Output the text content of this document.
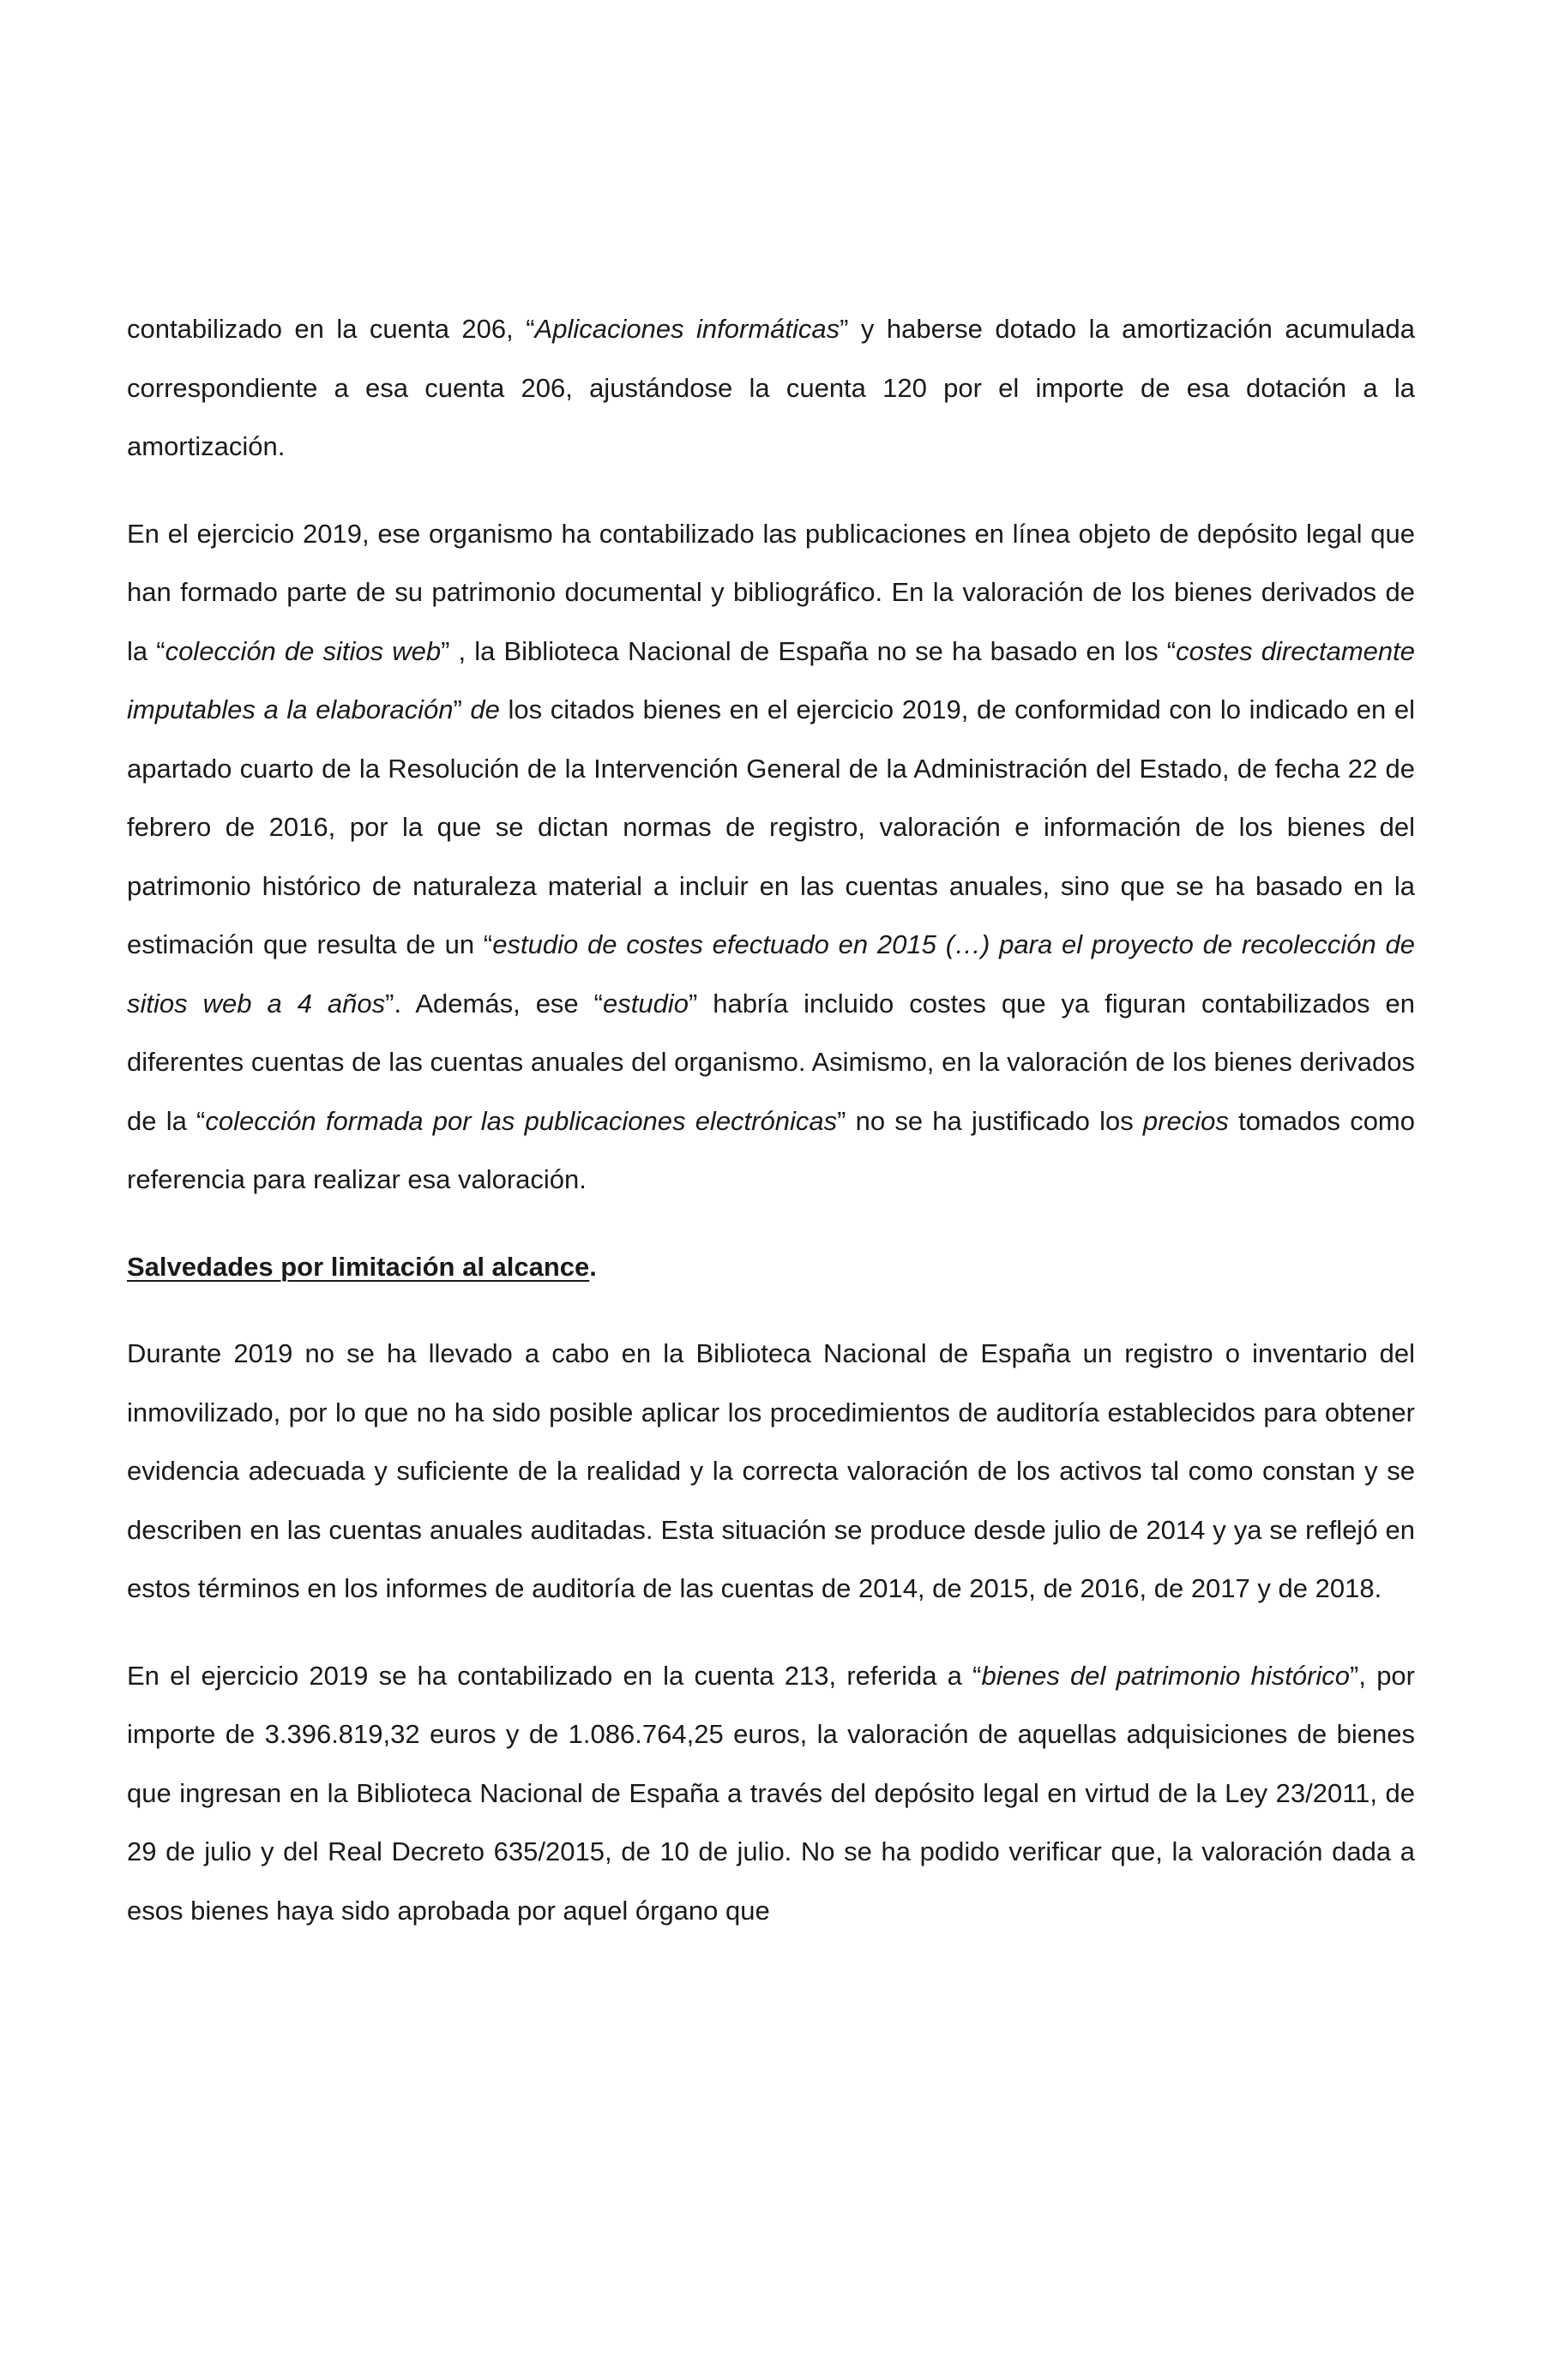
contabilizado en la cuenta 206, “Aplicaciones informáticas” y haberse dotado la amortización acumulada correspondiente a esa cuenta 206, ajustándose la cuenta 120 por el importe de esa dotación a la amortización.

En el ejercicio 2019, ese organismo ha contabilizado las publicaciones en línea objeto de depósito legal que han formado parte de su patrimonio documental y bibliográfico. En la valoración de los bienes derivados de la “colección de sitios web” , la Biblioteca Nacional de España no se ha basado en los “costes directamente imputables a la elaboración” de los citados bienes en el ejercicio 2019, de conformidad con lo indicado en el apartado cuarto de la Resolución de la Intervención General de la Administración del Estado, de fecha 22 de febrero de 2016, por la que se dictan normas de registro, valoración e información de los bienes del patrimonio histórico de naturaleza material a incluir en las cuentas anuales, sino que se ha basado en la estimación que resulta de un “estudio de costes efectuado en 2015 (…) para el proyecto de recolección de sitios web a 4 años”. Además, ese “estudio” habría incluido costes que ya figuran contabilizados en diferentes cuentas de las cuentas anuales del organismo. Asimismo, en la valoración de los bienes derivados de la “colección formada por las publicaciones electrónicas” no se ha justificado los precios tomados como referencia para realizar esa valoración.

Salvedades por limitación al alcance.

Durante 2019 no se ha llevado a cabo en la Biblioteca Nacional de España un registro o inventario del inmovilizado, por lo que no ha sido posible aplicar los procedimientos de auditoría establecidos para obtener evidencia adecuada y suficiente de la realidad y la correcta valoración de los activos tal como constan y se describen en las cuentas anuales auditadas. Esta situación se produce desde julio de 2014 y ya se reflejó en estos términos en los informes de auditoría de las cuentas de 2014, de 2015, de 2016, de 2017 y de 2018.

En el ejercicio 2019 se ha contabilizado en la cuenta 213, referida a “bienes del patrimonio histórico”, por importe de 3.396.819,32 euros y de 1.086.764,25 euros, la valoración de aquellas adquisiciones de bienes que ingresan en la Biblioteca Nacional de España a través del depósito legal en virtud de la Ley 23/2011, de 29 de julio y del Real Decreto 635/2015, de 10 de julio. No se ha podido verificar que, la valoración dada a esos bienes haya sido aprobada por aquel órgano que
